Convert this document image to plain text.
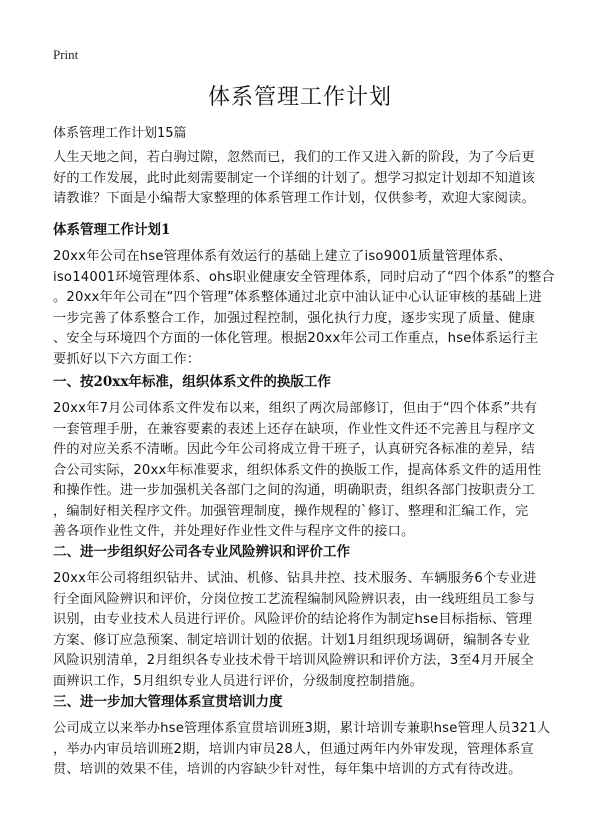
Print
体系管理工作计划
体系管理工作计划15篇

人生天地之间，若白驹过隙，忽然而已，我们的工作又进入新的阶段，为了今后更
好的工作发展，此时此刻需要制定一个详细的计划了。想学习拟定计划却不知道该
请教谁？下面是小编帮大家整理的体系管理工作计划，仅供参考，欢迎大家阅读。

体系管理工作计划1

20xx年公司在hse管理体系有效运行的基础上建立了iso9001质量管理体系、
iso14001环境管理体系、ohs职业健康安全管理体系，同时启动了“四个体系”的整合
。20xx年年公司在“四个管理”体系整体通过北京中油认证中心认证审核的基础上进
一步完善了体系整合工作，加强过程控制，强化执行力度，逐步实现了质量、健康
、安全与环境四个方面的一体化管理。根据20xx年公司工作重点，hse体系运行主
要抓好以下六方面工作：

一、按20xx年标准，组织体系文件的换版工作

20xx年7月公司体系文件发布以来，组织了两次局部修订，但由于“四个体系”共有
一套管理手册，在兼容要素的表述上还存在缺项，作业性文件还不完善且与程序文
件的对应关系不清晰。因此今年公司将成立骨干班子，认真研究各标准的差异，结
合公司实际，20xx年标准要求，组织体系文件的换版工作，提高体系文件的适用性
和操作性。进一步加强机关各部门之间的沟通，明确职责，组织各部门按职责分工
，编制好相关程序文件。加强管理制度，操作规程的`修订、整理和汇编工作，完
善各项作业性文件，并处理好作业性文件与程序文件的接口。

二、进一步组织好公司各专业风险辨识和评价工作

20xx年公司将组织钻井、试油、机修、钻具井控、技术服务、车辆服务6个专业进
行全面风险辨识和评价，分岗位按工艺流程编制风险辨识表，由一线班组员工参与
识别，由专业技术人员进行评价。风险评价的结论将作为制定hse目标指标、管理
方案、修订应急预案、制定培训计划的依据。计划1月组织现场调研，编制各专业
风险识别清单，2月组织各专业技术骨干培训风险辨识和评价方法，3至4月开展全
面辨识工作，5月组织专业人员进行评价，分级制度控制措施。

三、进一步加大管理体系宣贯培训力度

公司成立以来举办hse管理体系宣贯培训班3期，累计培训专兼职hse管理人员321人
，举办内审员培训班2期，培训内审员28人，但通过两年内外审发现，管理体系宣
贯、培训的效果不佳，培训的内容缺少针对性，每年集中培训的方式有待改进。
